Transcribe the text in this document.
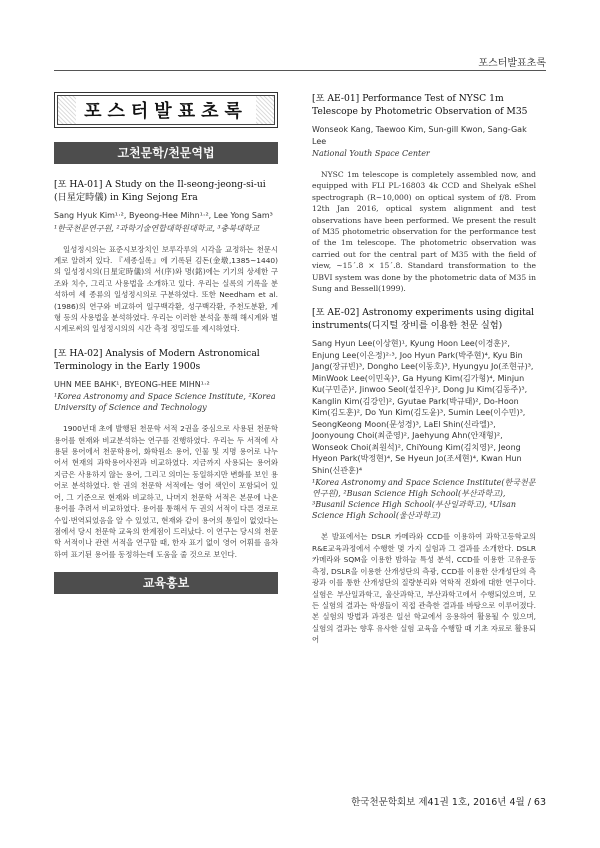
포스터발표초록
포스터발표초록
고천문학/천문역법
[포 HA-01] A Study on the Il-seong-jeong-si-ui (日星定時儀) in King Sejong Era
Sang Hyuk Kim¹·², Byeong-Hee Mihn¹·², Lee Yong Sam³
¹한국천문연구원, ²과학기술연합대학원대학교, ³충북대학교
일성정시의는 표준시보장치인 보루각루의 시각을 교정하는 천문시계로 알려져 있다. 『세종실록』에 기록된 김돈(金墩,1385~1440)의 일성정시의(日星定時儀)의 서(序)와 명(銘)에는 기기의 상세한 구조와 치수, 그리고 사용법을 소개하고 있다. 우리는 실록의 기록을 분석하여 세 종류의 일성정시의로 구분하였다. 또한 Needham et al. (1986)의 연구와 비교하여 일구백각환, 성구백각환, 주천도분환, 계형 등의 사용법을 분석하였다. 우리는 이러한 분석을 통해 해시계와 별시계로써의 일성정시의의 시간 측정 정밀도를 제시하였다.
[포 HA-02] Analysis of Modern Astronomical Terminology in the Early 1900s
UHN MEE BAHK¹, BYEONG-HEE MIHN¹·²
¹Korea Astronomy and Space Science Institute, ²Korea University of Science and Technology
1900년대 초에 발행된 천문학 서적 2권을 중심으로 사용된 천문학 용어를 현재와 비교분석하는 연구를 진행하였다. 우리는 두 서적에 사용된 용어에서 천문학용어, 화학원소 용어, 인물 및 지명 용어로 나누어서 현재의 과학용어사전과 비교하였다. 지금까지 사용되는 용어와 지금은 사용하지 않는 용어, 그리고 의미는 동일하지만 변화를 보인 용어로 분석하였다. 한 권의 천문학 서적에는 영어 색인이 포함되어 있어, 그 기준으로 현재와 비교하고, 나머지 천문학 서적은 본문에 나온 용어를 추려서 비교하였다. 용어를 통해서 두 권의 서적이 다른 경로로 수입·번역되었음을 알 수 있었고, 현재와 같이 용어의 통일이 없었다는 점에서 당시 천문학 교육의 한계점이 드러났다. 이 연구는 당시의 천문학 서적이나 관련 서적을 연구할 때, 한자 표기 없이 영어 어휘를 음차하여 표기된 용어를 동정하는데 도움을 줄 것으로 보인다.
교육홍보
[포 AE-01] Performance Test of NYSC 1m Telescope by Photometric Observation of M35
Wonseok Kang, Taewoo Kim, Sun-gill Kwon, Sang-Gak Lee
National Youth Space Center
NYSC 1m telescope is completely assembled now, and equipped with FLI PL-16803 4k CCD and Shelyak eShel spectrograph (R~10,000) on optical system of f/8. From 12th Jan 2016, optical system alignment and test observations have been performed. We present the result of M35 photometric observation for the performance test of the 1m telescope. The photometric observation was carried out for the central part of M35 with the field of view, ~15´.8 × 15´.8. Standard transformation to the UBVI system was done by the photometric data of M35 in Sung and Bessell(1999).
[포 AE-02] Astronomy experiments using digital instruments(디지털 장비를 이용한 천문 실험)
Sang Hyun Lee(이상현)¹, Kyung Hoon Lee(이경훈)², Enjung Lee(이은정)²·³, Joo Hyun Park(박주현)⁴, Kyu Bin Jang(장규빈)³, Dongho Lee(이동호)³, Hyungyu Jo(조현규)³, MinWook Lee(이민욱)³, Ga Hyung Kim(김가형)⁴, Minjun Ku(구민준)², Jinwoo Seol(설진우)², Dong Ju Kim(김동주)³, Kanglin Kim(김강인)², Gyutae Park(박규태)², Do-Hoon Kim(김도훈)², Do Yun Kim(김도윤)³, Sumin Lee(이수민)³, SeongKeong Moon(문성경)³, LaEl Shin(신라엘)³, Joonyoung Choi(최준영)², Jaehyung Ahn(안재형)², Wonseok Choi(최원석)², ChiYoung Kim(김치영)², Jeong Hyeon Park(박정현)⁴, Se Hyeun Jo(조세현)⁴, Kwan Hun Shin(신관훈)⁴
¹Korea Astronomy and Space Science Institute(한국천문연구원), ²Busan Science High School(부산과학고), ³Busanil Science High School(부산일과학고), ⁴Ulsan Science High School(울산과학고)
본 발표에서는 DSLR 카메라와 CCD를 이용하여 과학고등학교의 R&E교육과정에서 수행한 몇 가지 실험과 그 결과를 소개한다. DSLR 카메라와 SQM을 이용한 밤하늘 특성 분석, CCD를 이용한 고유운동 측정, DSLR을 이용한 산개성단의 측광, CCD를 이용한 산개성단의 측광과 이를 통한 산개성단의 질량분리와 역학적 진화에 대한 연구이다. 실험은 부산일과학고, 울산과학고, 부산과학고에서 수행되었으며, 모든 실험의 결과는 학생들이 직접 관측한 결과를 바탕으로 이루어졌다. 본 실험의 방법과 과정은 일선 학교에서 응용하여 활용될 수 있으며, 실험의 결과는 향후 유사한 실험 교육을 수행할 때 기초 자료로 활용되어
한국천문학회보 제41권 1호, 2016년 4월 / 63
